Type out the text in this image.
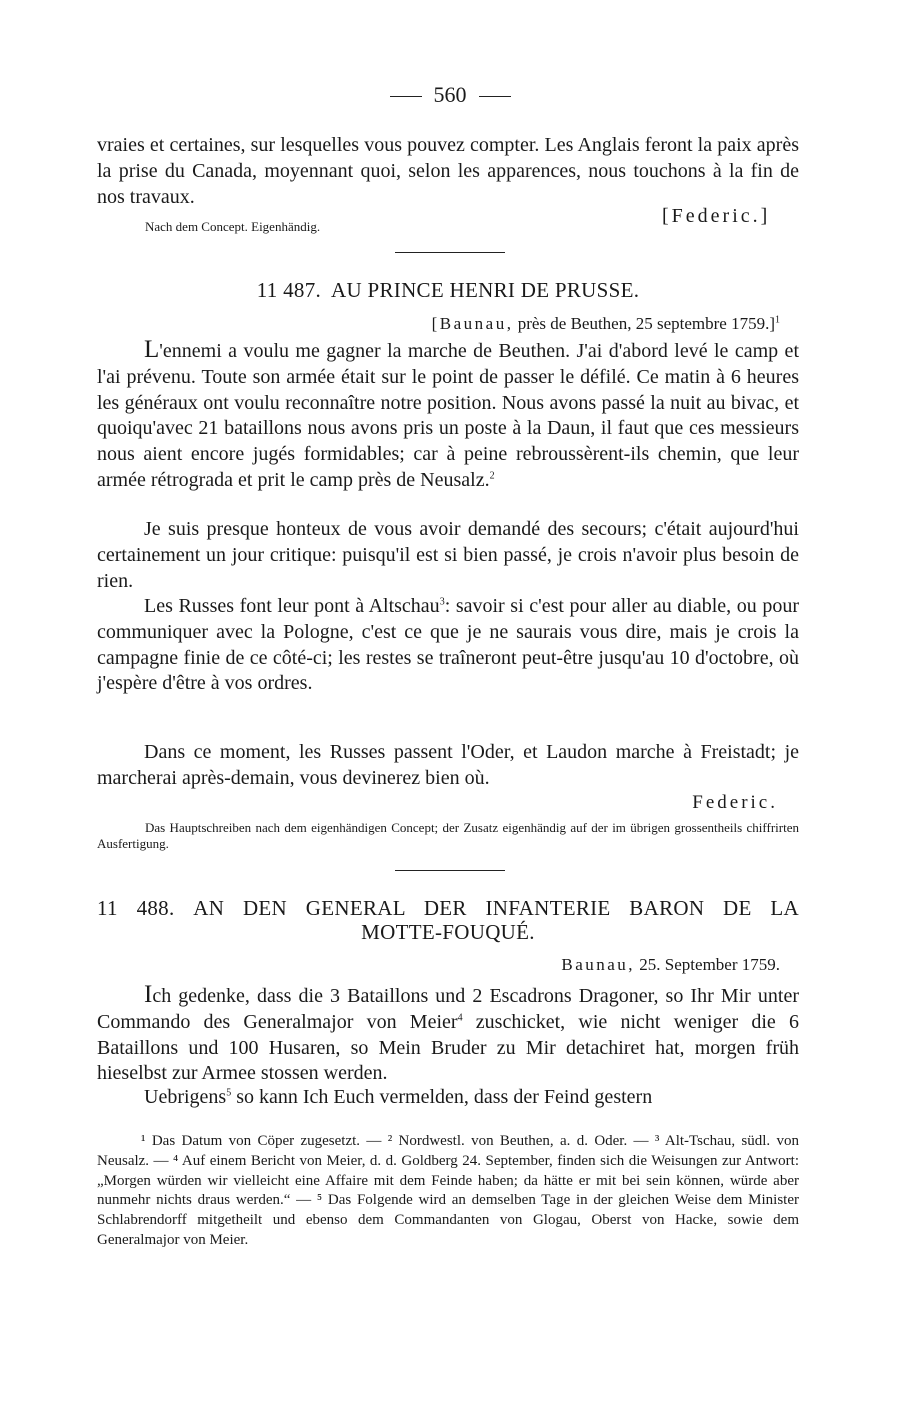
560
vraies et certaines, sur lesquelles vous pouvez compter. Les Anglais feront la paix après la prise du Canada, moyennant quoi, selon les apparences, nous touchons à la fin de nos travaux.
Nach dem Concept. Eigenhändig.	[Federic.]
11 487. AU PRINCE HENRI DE PRUSSE.
[Baunau, près de Beuthen, 25 septembre 1759.]$^1$
L'ennemi a voulu me gagner la marche de Beuthen. J'ai d'abord levé le camp et l'ai prévenu. Toute son armée était sur le point de passer le défilé. Ce matin à 6 heures les généraux ont voulu reconnaître notre position. Nous avons passé la nuit au bivac, et quoiqu'avec 21 bataillons nous avons pris un poste à la Daun, il faut que ces messieurs nous aient encore jugés formidables; car à peine rebroussèrent-ils chemin, que leur armée rétrograda et prit le camp près de Neusalz.$^2$
Je suis presque honteux de vous avoir demandé des secours; c'était aujourd'hui certainement un jour critique: puisqu'il est si bien passé, je crois n'avoir plus besoin de rien.
Les Russes font leur pont à Altschau$^3$: savoir si c'est pour aller au diable, ou pour communiquer avec la Pologne, c'est ce que je ne saurais vous dire, mais je crois la campagne finie de ce côté-ci; les restes se traîneront peut-être jusqu'au 10 d'octobre, où j'espère d'être à vos ordres.
Dans ce moment, les Russes passent l'Oder, et Laudon marche à Freistadt; je marcherai après-demain, vous devinerez bien où.
Federic.
Das Hauptschreiben nach dem eigenhändigen Concept; der Zusatz eigenhändig auf der im übrigen grossentheils chiffrirten Ausfertigung.
11 488. AN DEN GENERAL DER INFANTERIE BARON DE LA
MOTTE-FOUQUÉ.
Baunau, 25. September 1759.
Ich gedenke, dass die 3 Bataillons und 2 Escadrons Dragoner, so Ihr Mir unter Commando des Generalmajor von Meier$^4$ zuschicket, wie nicht weniger die 6 Bataillons und 100 Husaren, so Mein Bruder zu Mir detachiret hat, morgen früh hieselbst zur Armee stossen werden.
Uebrigens$^5$ so kann Ich Euch vermelden, dass der Feind gestern
¹ Das Datum von Cöper zugesetzt. — ² Nordwestl. von Beuthen, a. d. Oder. — ³ Alt-Tschau, südl. von Neusalz. — ⁴ Auf einem Bericht von Meier, d. d. Goldberg 24. September, finden sich die Weisungen zur Antwort: „Morgen würden wir vielleicht eine Affaire mit dem Feinde haben; da hätte er mit bei sein können, würde aber nunmehr nichts draus werden.“ — ⁵ Das Folgende wird an demselben Tage in der gleichen Weise dem Minister Schlabrendorff mitgetheilt und ebenso dem Commandanten von Glogau, Oberst von Hacke, sowie dem Generalmajor von Meier.
